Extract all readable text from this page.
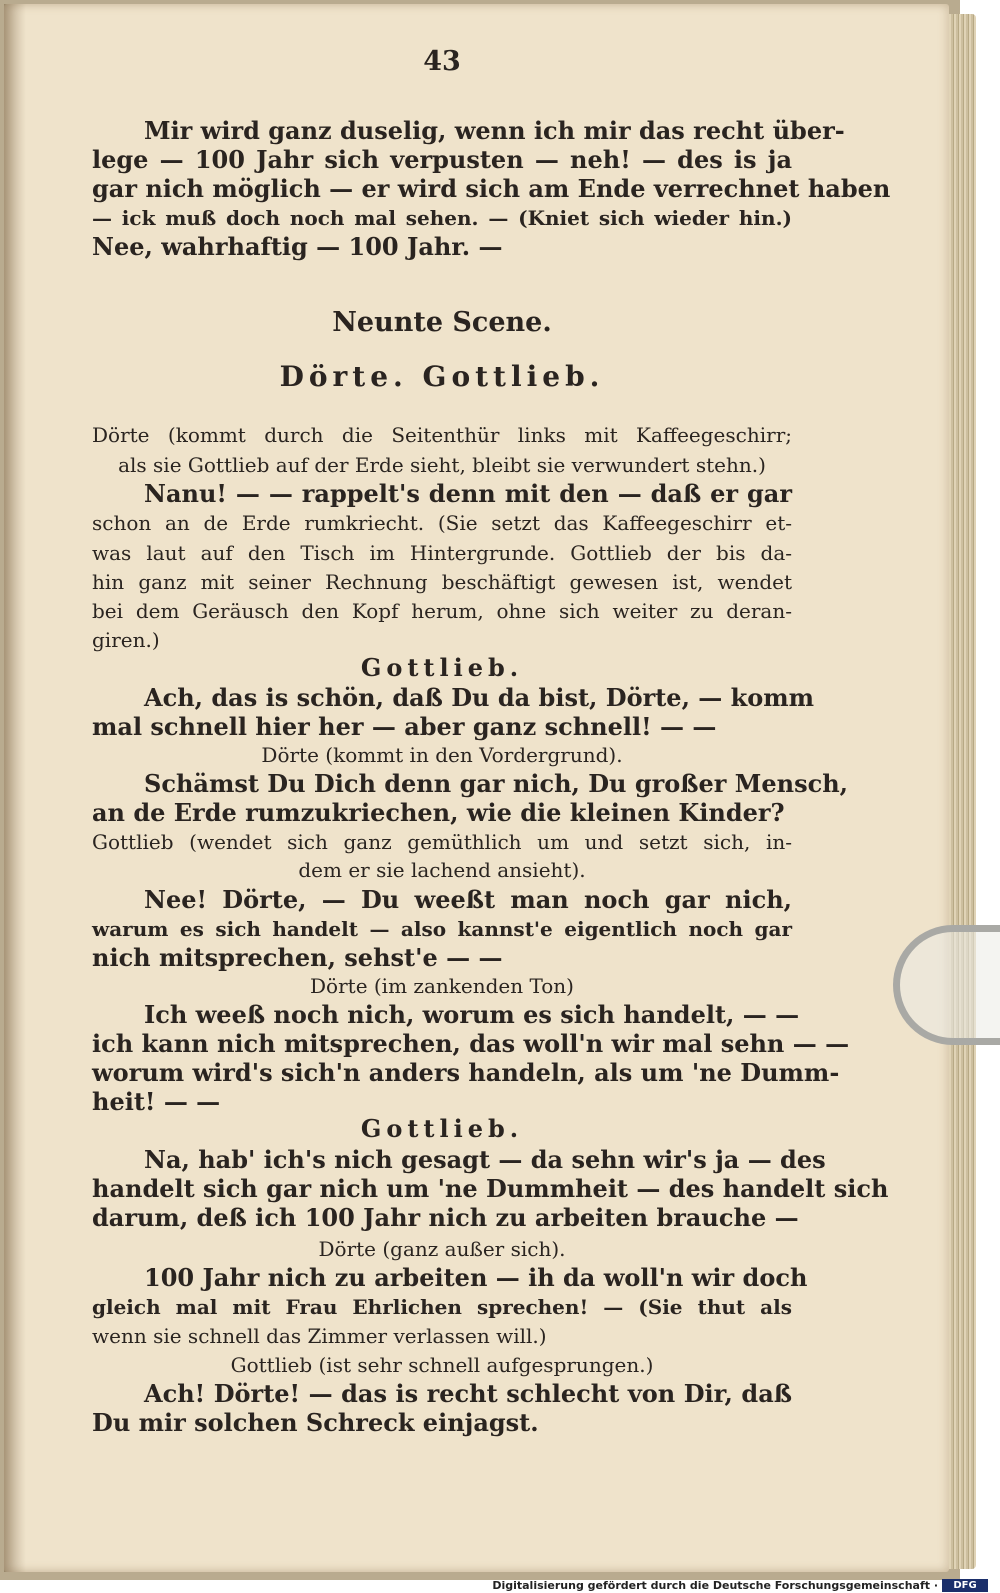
43
Mir wird ganz duselig, wenn ich mir das recht über-
lege — 100 Jahr sich verpusten — neh! — des is ja
gar nich möglich — er wird sich am Ende verrechnet haben
— ick muß doch noch mal sehen. — (Kniet sich wieder hin.)
Nee, wahrhaftig — 100 Jahr. —
Neunte Scene.
Dörte. Gottlieb.
Dörte (kommt durch die Seitenthür links mit Kaffeegeschirr;
als sie Gottlieb auf der Erde sieht, bleibt sie verwundert stehn.)
Nanu! — — rappelt's denn mit den — daß er gar
schon an de Erde rumkriecht. (Sie setzt das Kaffeegeschirr et-
was laut auf den Tisch im Hintergrunde. Gottlieb der bis da-
hin ganz mit seiner Rechnung beschäftigt gewesen ist, wendet
bei dem Geräusch den Kopf herum, ohne sich weiter zu deran-
giren.)
Gottlieb.
Ach, das is schön, daß Du da bist, Dörte, — komm
mal schnell hier her — aber ganz schnell! — —
Dörte (kommt in den Vordergrund).
Schämst Du Dich denn gar nich, Du großer Mensch,
an de Erde rumzukriechen, wie die kleinen Kinder?
Gottlieb (wendet sich ganz gemüthlich um und setzt sich, in-
dem er sie lachend ansieht).
Nee! Dörte, — Du weeßt man noch gar nich,
warum es sich handelt — also kannst'e eigentlich noch gar
nich mitsprechen, sehst'e — —
Dörte (im zankenden Ton)
Ich weeß noch nich, worum es sich handelt, — —
ich kann nich mitsprechen, das woll'n wir mal sehn — —
worum wird's sich'n anders handeln, als um 'ne Dumm-
heit! — —
Gottlieb.
Na, hab' ich's nich gesagt — da sehn wir's ja — des
handelt sich gar nich um 'ne Dummheit — des handelt sich
darum, deß ich 100 Jahr nich zu arbeiten brauche —
Dörte (ganz außer sich).
100 Jahr nich zu arbeiten — ih da woll'n wir doch
gleich mal mit Frau Ehrlichen sprechen! — (Sie thut als
wenn sie schnell das Zimmer verlassen will.)
Gottlieb (ist sehr schnell aufgesprungen.)
Ach! Dörte! — das is recht schlecht von Dir, daß
Du mir solchen Schreck einjagst.
Digitalisierung gefördert durch die Deutsche Forschungsgemeinschaft ·	DFG
